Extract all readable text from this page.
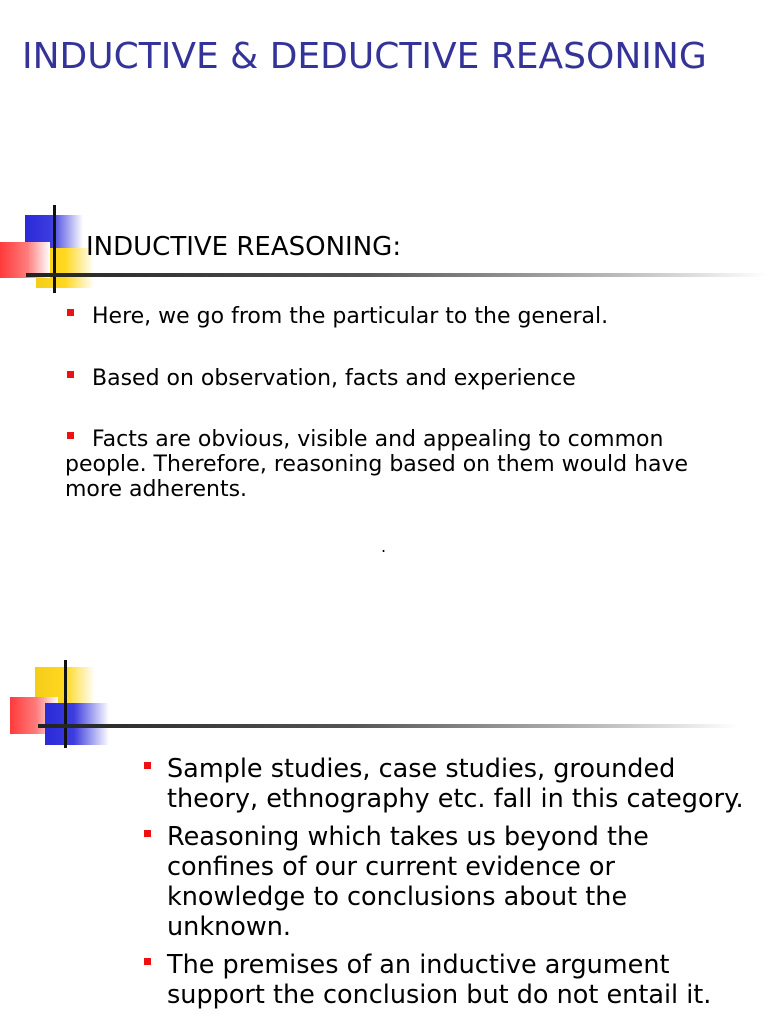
INDUCTIVE & DEDUCTIVE REASONING
INDUCTIVE REASONING:
Here, we go from the particular to the general.
Based on observation, facts and experience
Facts are obvious, visible and appealing to common people. Therefore, reasoning based on them would have more adherents.
.
Sample studies, case studies, grounded theory, ethnography etc. fall in this category.
Reasoning which takes us beyond the confines of our current evidence or knowledge to conclusions about the unknown.
The premises of an inductive argument support the conclusion but do not entail it.
